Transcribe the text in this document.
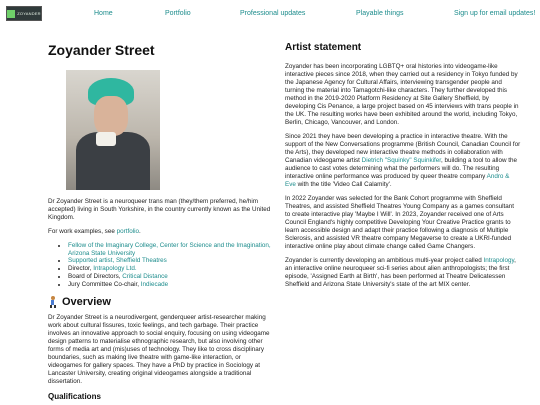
ZOYANDER	Home	Portfolio	Professional updates	Playable things	Sign up for email updates!
Zoyander Street

Dr Zoyander Street is a neuroqueer trans man (they/them preferred, he/him accepted) living in South Yorkshire, in the country currently known as the United Kingdom.

For work examples, see portfolio.

• Fellow of the Imaginary College, Center for Science and the Imagination, Arizona State University
• Supported artist, Sheffield Theatres
• Director, Intrapology Ltd.
• Board of Directors, Critical Distance
• Jury Committee Co-chair, Indiecade
Overview

Dr Zoyander Street is a neurodivergent, genderqueer artist-researcher making work about cultural fissures, toxic feelings, and tech garbage. Their practice involves an innovative approach to social enquiry, focusing on using videogame design patterns to materialise ethnographic research, but also involving other forms of media art and (mis)uses of technology. They like to cross disciplinary boundaries, such as making live theatre with game-like interaction, or videogames for gallery spaces. They have a PhD by practice in Sociology at Lancaster University, creating original videogames alongside a traditional dissertation.

Qualifications
Artist statement

Zoyander has been incorporating LGBTQ+ oral histories into videogame-like interactive pieces since 2018, when they carried out a residency in Tokyo funded by the Japanese Agency for Cultural Affairs, interviewing transgender people and turning the material into Tamagotchi-like characters. They further developed this method in the 2019-2020 Platform Residency at Site Gallery Sheffield, by developing Cis Penance, a large project based on 45 interviews with trans people in the UK. The resulting works have been exhibited around the world, including Tokyo, Berlin, Chicago, Vancouver, and London.

Since 2021 they have been developing a practice in interactive theatre. With the support of the New Conversations programme (British Council, Canadian Council for the Arts), they developed new interactive theatre methods in collaboration with Canadian videogame artist Dietrich "Squinky" Squinkifer, building a tool to allow the audience to cast votes determining what the performers will do. The resulting interactive online performance was produced by queer theatre company Andro & Eve with the title 'Video Call Calamity'.

In 2022 Zoyander was selected for the Bank Cohort programme with Sheffield Theatres, and assisted Sheffield Theatres Young Company as a games consultant to create interactive play 'Maybe I Will'. In 2023, Zoyander received one of Arts Council England's highly competitive Developing Your Creative Practice grants to learn accessible design and adapt their practice following a diagnosis of Multiple Sclerosis, and assisted VR theatre company Megaverse to create a UKRI-funded interactive online play about climate change called Game Changers.

Zoyander is currently developing an ambitious multi-year project called Intrapology, an interactive online neuroqueer sci-fi series about alien anthropologists; the first episode, 'Assigned Earth at Birth', has been performed at Theatre Delicatessen Sheffield and Arizona State University's state of the art MIX center.
